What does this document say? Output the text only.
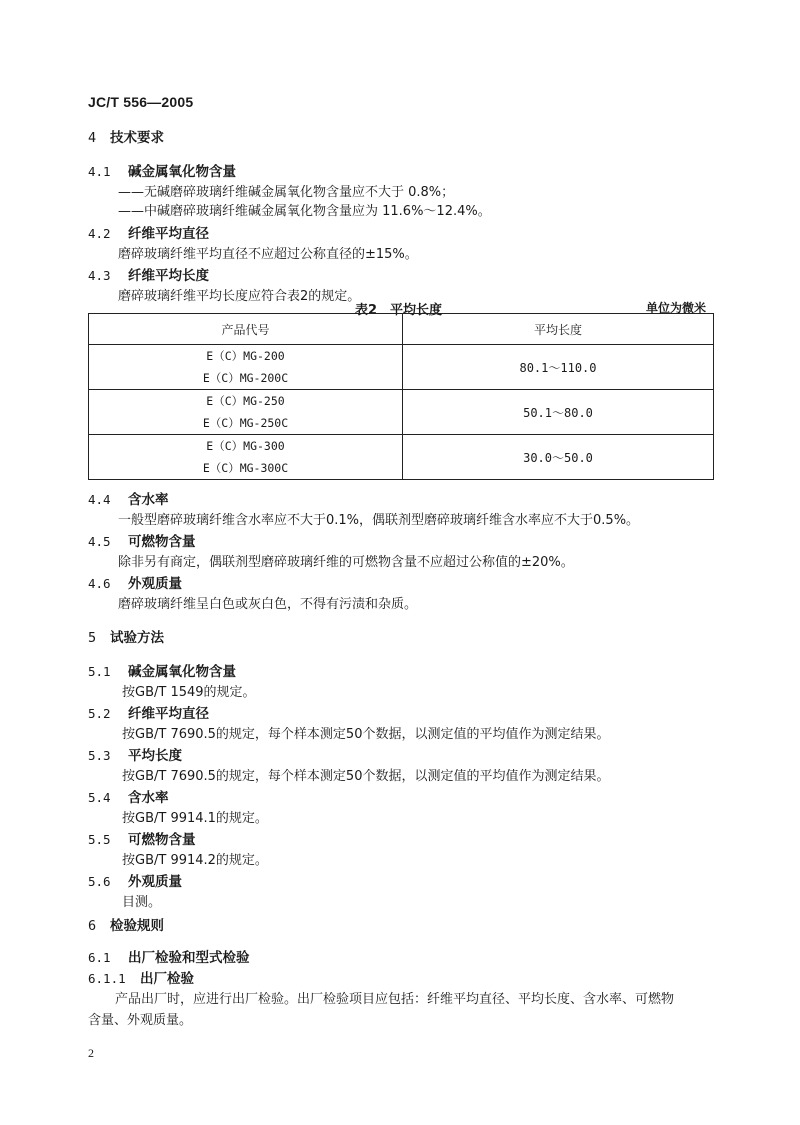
JC/T 556—2005
4 技术要求
4.1 碱金属氧化物含量
——无碱磨碎玻璃纤维碱金属氧化物含量应不大于 0.8%；
——中碱磨碎玻璃纤维碱金属氧化物含量应为 11.6%～12.4%。
4.2 纤维平均直径
磨碎玻璃纤维平均直径不应超过公称直径的±15%。
4.3 纤维平均长度
磨碎玻璃纤维平均长度应符合表2的规定。
表2　平均长度	单位为微米
产品代号	平均长度

E（C）MG-200
E（C）MG-200C	80.1～110.0

E（C）MG-250
E（C）MG-250C	50.1～80.0

E（C）MG-300
E（C）MG-300C	30.0～50.0
4.4 含水率
一般型磨碎玻璃纤维含水率应不大于0.1%，偶联剂型磨碎玻璃纤维含水率应不大于0.5%。
4.5 可燃物含量
除非另有商定，偶联剂型磨碎玻璃纤维的可燃物含量不应超过公称值的±20%。
4.6 外观质量
磨碎玻璃纤维呈白色或灰白色，不得有污渍和杂质。
5 试验方法
5.1 碱金属氧化物含量
按GB/T 1549的规定。
5.2 纤维平均直径
按GB/T 7690.5的规定，每个样本测定50个数据，以测定值的平均值作为测定结果。
5.3 平均长度
按GB/T 7690.5的规定，每个样本测定50个数据，以测定值的平均值作为测定结果。
5.4 含水率
按GB/T 9914.1的规定。
5.5 可燃物含量
按GB/T 9914.2的规定。
5.6 外观质量
目测。
6 检验规则
6.1 出厂检验和型式检验
6.1.1 出厂检验
产品出厂时，应进行出厂检验。出厂检验项目应包括：纤维平均直径、平均长度、含水率、可燃物
含量、外观质量。
2
